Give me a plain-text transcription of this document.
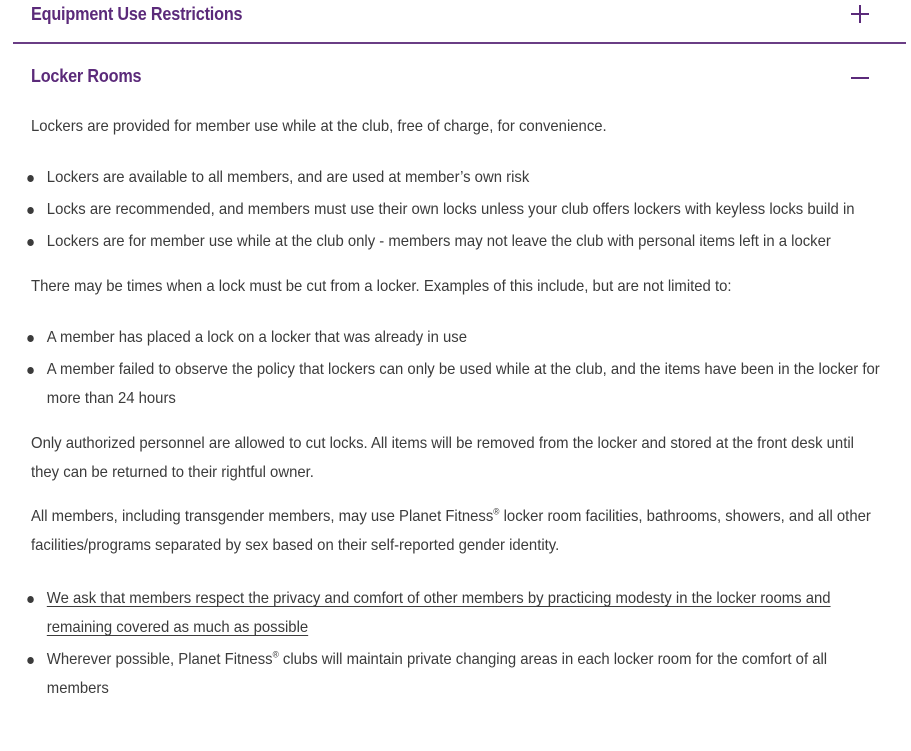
Equipment Use Restrictions
Locker Rooms

Lockers are provided for member use while at the club, free of charge, for convenience.

Lockers are available to all members, and are used at member’s own risk
Locks are recommended, and members must use their own locks unless your club offers lockers with keyless locks build in
Lockers are for member use while at the club only - members may not leave the club with personal items left in a locker

There may be times when a lock must be cut from a locker. Examples of this include, but are not limited to:

A member has placed a lock on a locker that was already in use
A member failed to observe the policy that lockers can only be used while at the club, and the items have been in the locker for more than 24 hours

Only authorized personnel are allowed to cut locks. All items will be removed from the locker and stored at the front desk until they can be returned to their rightful owner.

All members, including transgender members, may use Planet Fitness® locker room facilities, bathrooms, showers, and all other facilities/programs separated by sex based on their self-reported gender identity.

We ask that members respect the privacy and comfort of other members by practicing modesty in the locker rooms and remaining covered as much as possible
Wherever possible, Planet Fitness® clubs will maintain private changing areas in each locker room for the comfort of all members
